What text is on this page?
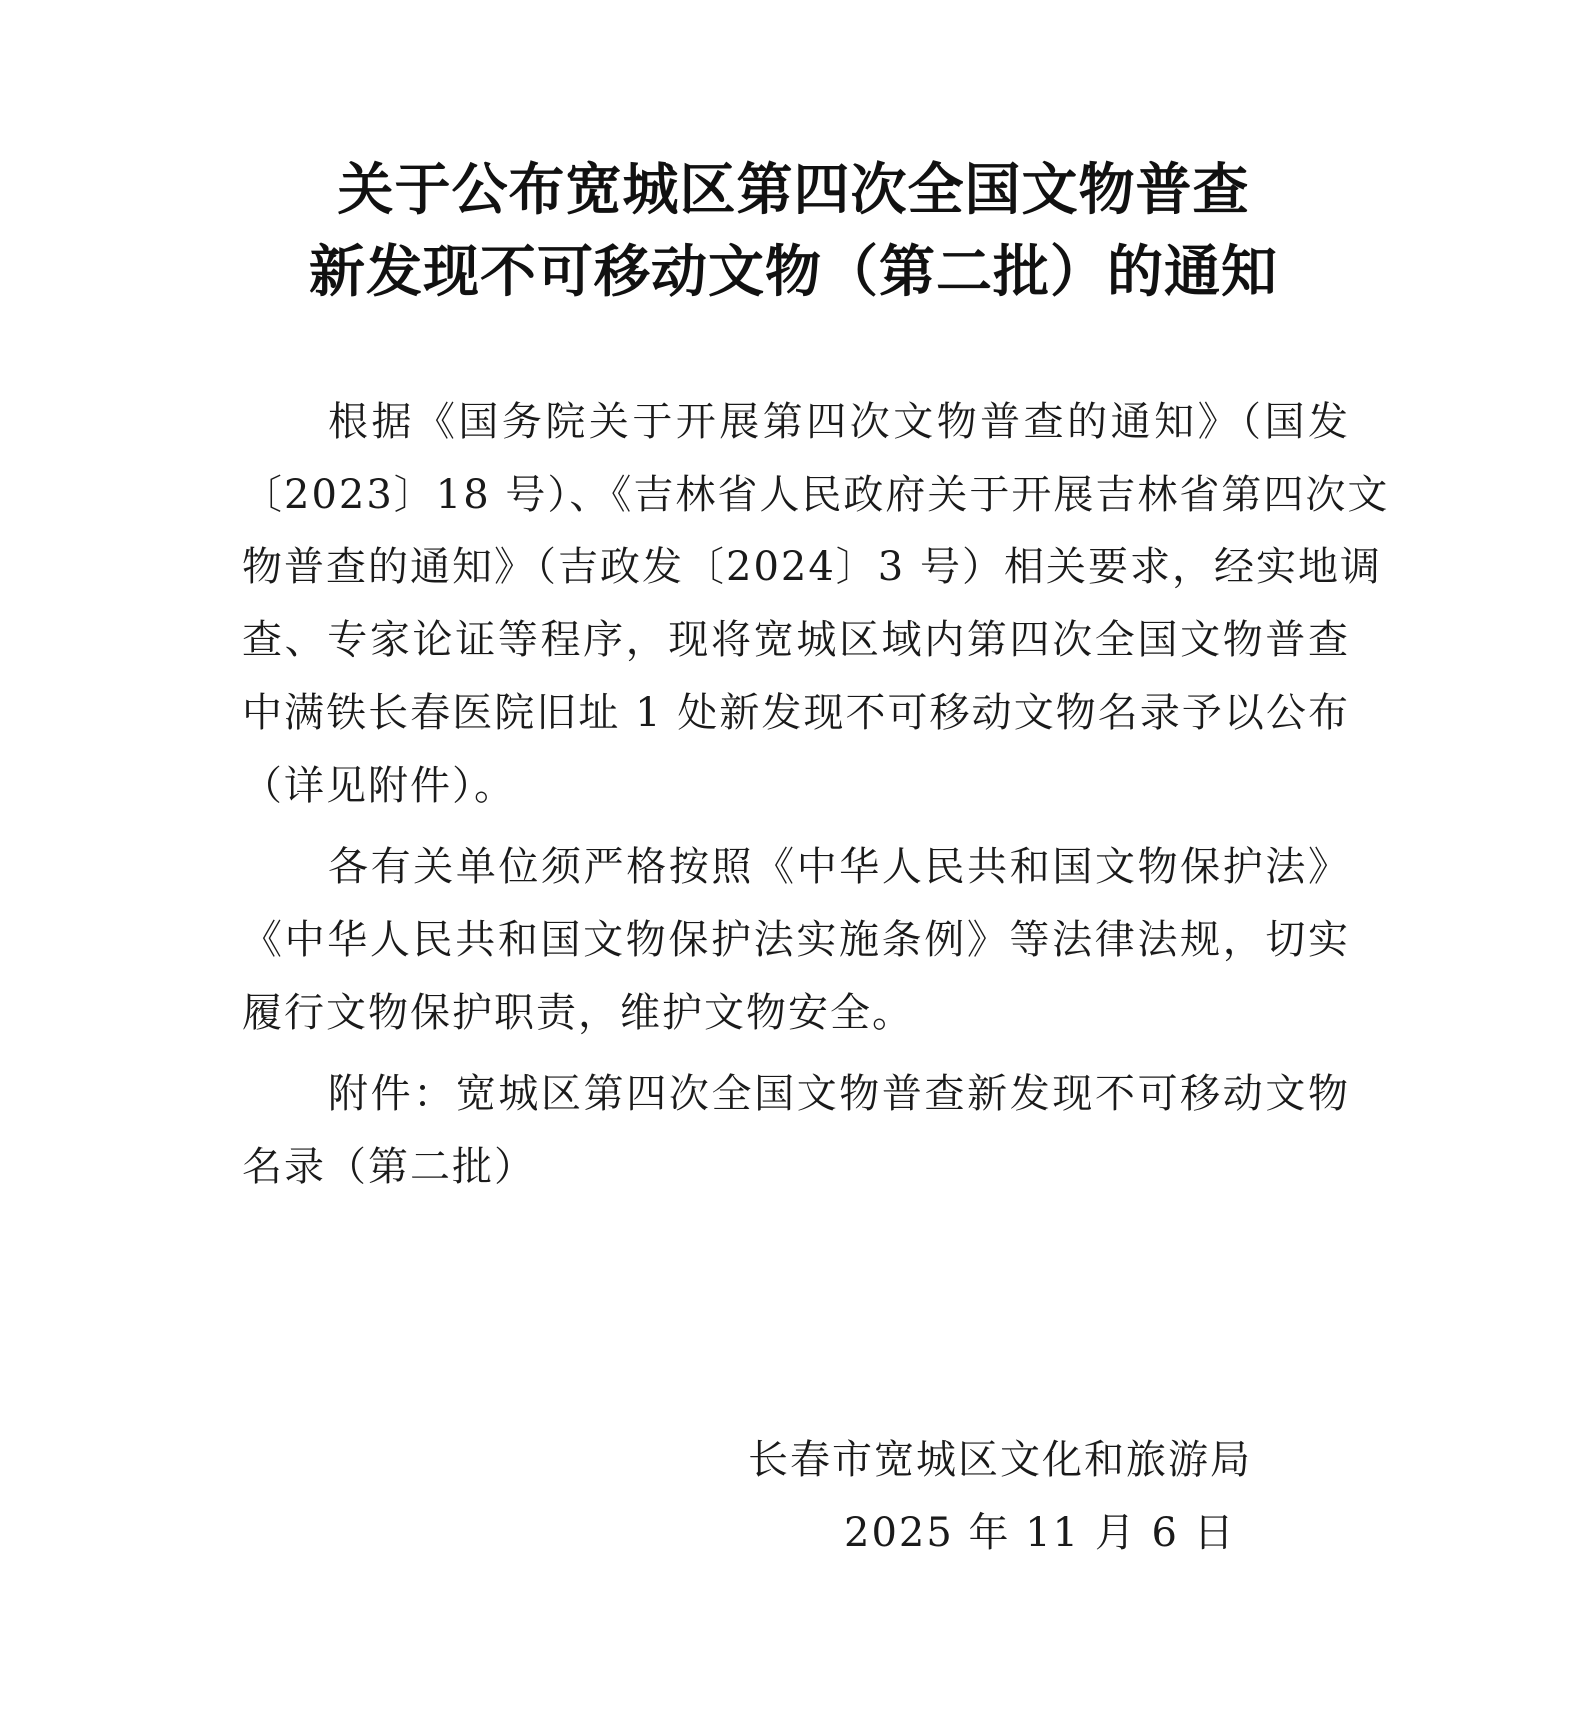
关于公布宽城区第四次全国文物普查
新发现不可移动文物（第二批）的通知
根据《国务院关于开展第四次文物普查的通知》（国发
〔2023〕18 号）、《吉林省人民政府关于开展吉林省第四次文
物普查的通知》（吉政发〔2024〕3 号）相关要求，经实地调
查、专家论证等程序，现将宽城区域内第四次全国文物普查
中满铁长春医院旧址 1 处新发现不可移动文物名录予以公布
（详见附件）。
各有关单位须严格按照《中华人民共和国文物保护法》
《中华人民共和国文物保护法实施条例》等法律法规，切实
履行文物保护职责，维护文物安全。
附件：宽城区第四次全国文物普查新发现不可移动文物
名录（第二批）
长春市宽城区文化和旅游局
2025 年 11 月 6 日
